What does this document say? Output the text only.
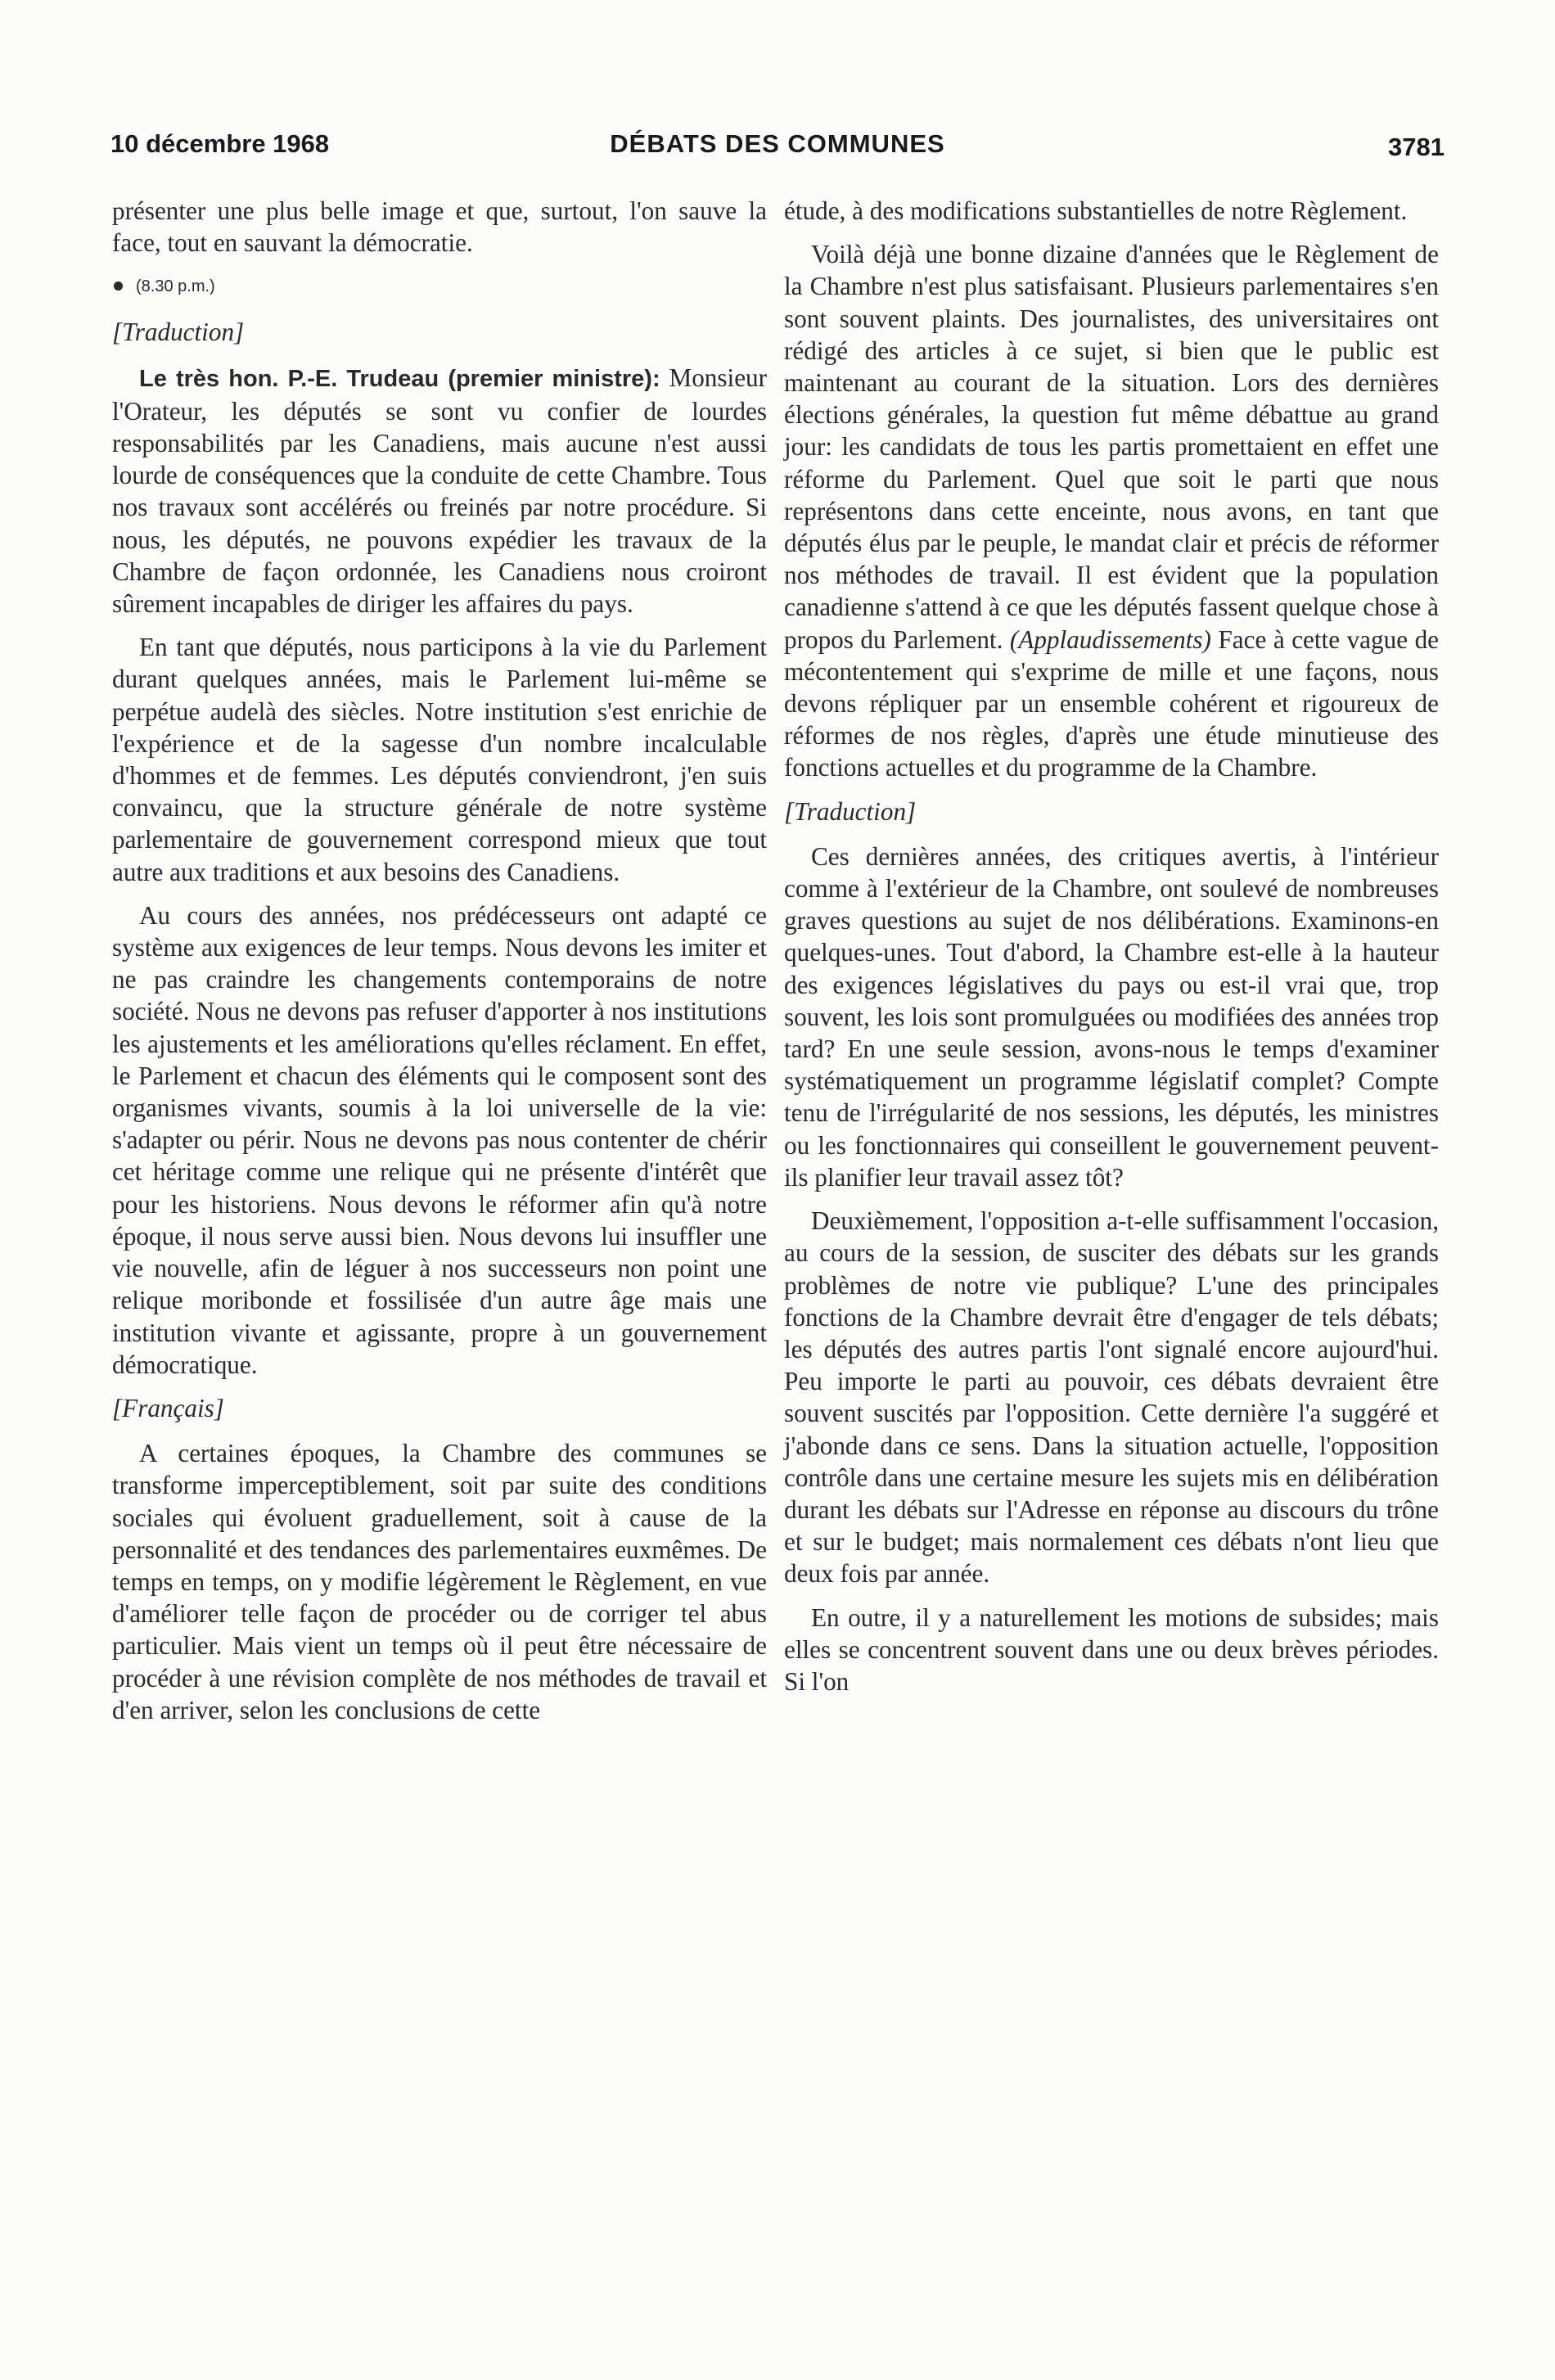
10 décembre 1968	DÉBATS DES COMMUNES	3781

présenter une plus belle image et que, surtout, l'on sauve la face, tout en sauvant la démocratie.

(8.30 p.m.)
[Traduction]

Le très hon. P.-E. Trudeau (premier ministre): Monsieur l'Orateur, les députés se sont vu confier de lourdes responsabilités par les Canadiens, mais aucune n'est aussi lourde de conséquences que la conduite de cette Chambre. Tous nos travaux sont accélérés ou freinés par notre procédure. Si nous, les députés, ne pouvons expédier les travaux de la Chambre de façon ordonnée, les Canadiens nous croiront sûrement incapables de diriger les affaires du pays.

En tant que députés, nous participons à la vie du Parlement durant quelques années, mais le Parlement lui-même se perpétue audelà des siècles. Notre institution s'est enrichie de l'expérience et de la sagesse d'un nombre incalculable d'hommes et de femmes. Les députés conviendront, j'en suis convaincu, que la structure générale de notre système parlementaire de gouvernement correspond mieux que tout autre aux traditions et aux besoins des Canadiens.

Au cours des années, nos prédécesseurs ont adapté ce système aux exigences de leur temps. Nous devons les imiter et ne pas craindre les changements contemporains de notre société. Nous ne devons pas refuser d'apporter à nos institutions les ajustements et les améliorations qu'elles réclament. En effet, le Parlement et chacun des éléments qui le composent sont des organismes vivants, soumis à la loi universelle de la vie: s'adapter ou périr. Nous ne devons pas nous contenter de chérir cet héritage comme une relique qui ne présente d'intérêt que pour les historiens. Nous devons le réformer afin qu'à notre époque, il nous serve aussi bien. Nous devons lui insuffler une vie nouvelle, afin de léguer à nos successeurs non point une relique moribonde et fossilisée d'un autre âge mais une institution vivante et agissante, propre à un gouvernement démocratique.

[Français]

A certaines époques, la Chambre des communes se transforme imperceptiblement, soit par suite des conditions sociales qui évoluent graduellement, soit à cause de la personnalité et des tendances des parlementaires euxmêmes. De temps en temps, on y modifie légèrement le Règlement, en vue d'améliorer telle façon de procéder ou de corriger tel abus particulier. Mais vient un temps où il peut être nécessaire de procéder à une révision complète de nos méthodes de travail et d'en arriver, selon les conclusions de cette

étude, à des modifications substantielles de notre Règlement.

Voilà déjà une bonne dizaine d'années que le Règlement de la Chambre n'est plus satisfaisant. Plusieurs parlementaires s'en sont souvent plaints. Des journalistes, des universitaires ont rédigé des articles à ce sujet, si bien que le public est maintenant au courant de la situation. Lors des dernières élections générales, la question fut même débattue au grand jour: les candidats de tous les partis promettaient en effet une réforme du Parlement. Quel que soit le parti que nous représentons dans cette enceinte, nous avons, en tant que députés élus par le peuple, le mandat clair et précis de réformer nos méthodes de travail. Il est évident que la population canadienne s'attend à ce que les députés fassent quelque chose à propos du Parlement. (Applaudissements) Face à cette vague de mécontentement qui s'exprime de mille et une façons, nous devons répliquer par un ensemble cohérent et rigoureux de réformes de nos règles, d'après une étude minutieuse des fonctions actuelles et du programme de la Chambre.

[Traduction]

Ces dernières années, des critiques avertis, à l'intérieur comme à l'extérieur de la Chambre, ont soulevé de nombreuses graves questions au sujet de nos délibérations. Examinons-en quelques-unes. Tout d'abord, la Chambre est-elle à la hauteur des exigences législatives du pays ou est-il vrai que, trop souvent, les lois sont promulguées ou modifiées des années trop tard? En une seule session, avons-nous le temps d'examiner systématiquement un programme législatif complet? Compte tenu de l'irrégularité de nos sessions, les députés, les ministres ou les fonctionnaires qui conseillent le gouvernement peuvent-ils planifier leur travail assez tôt?

Deuxièmement, l'opposition a-t-elle suffisamment l'occasion, au cours de la session, de susciter des débats sur les grands problèmes de notre vie publique? L'une des principales fonctions de la Chambre devrait être d'engager de tels débats; les députés des autres partis l'ont signalé encore aujourd'hui. Peu importe le parti au pouvoir, ces débats devraient être souvent suscités par l'opposition. Cette dernière l'a suggéré et j'abonde dans ce sens. Dans la situation actuelle, l'opposition contrôle dans une certaine mesure les sujets mis en délibération durant les débats sur l'Adresse en réponse au discours du trône et sur le budget; mais normalement ces débats n'ont lieu que deux fois par année.

En outre, il y a naturellement les motions de subsides; mais elles se concentrent souvent dans une ou deux brèves périodes. Si l'on
